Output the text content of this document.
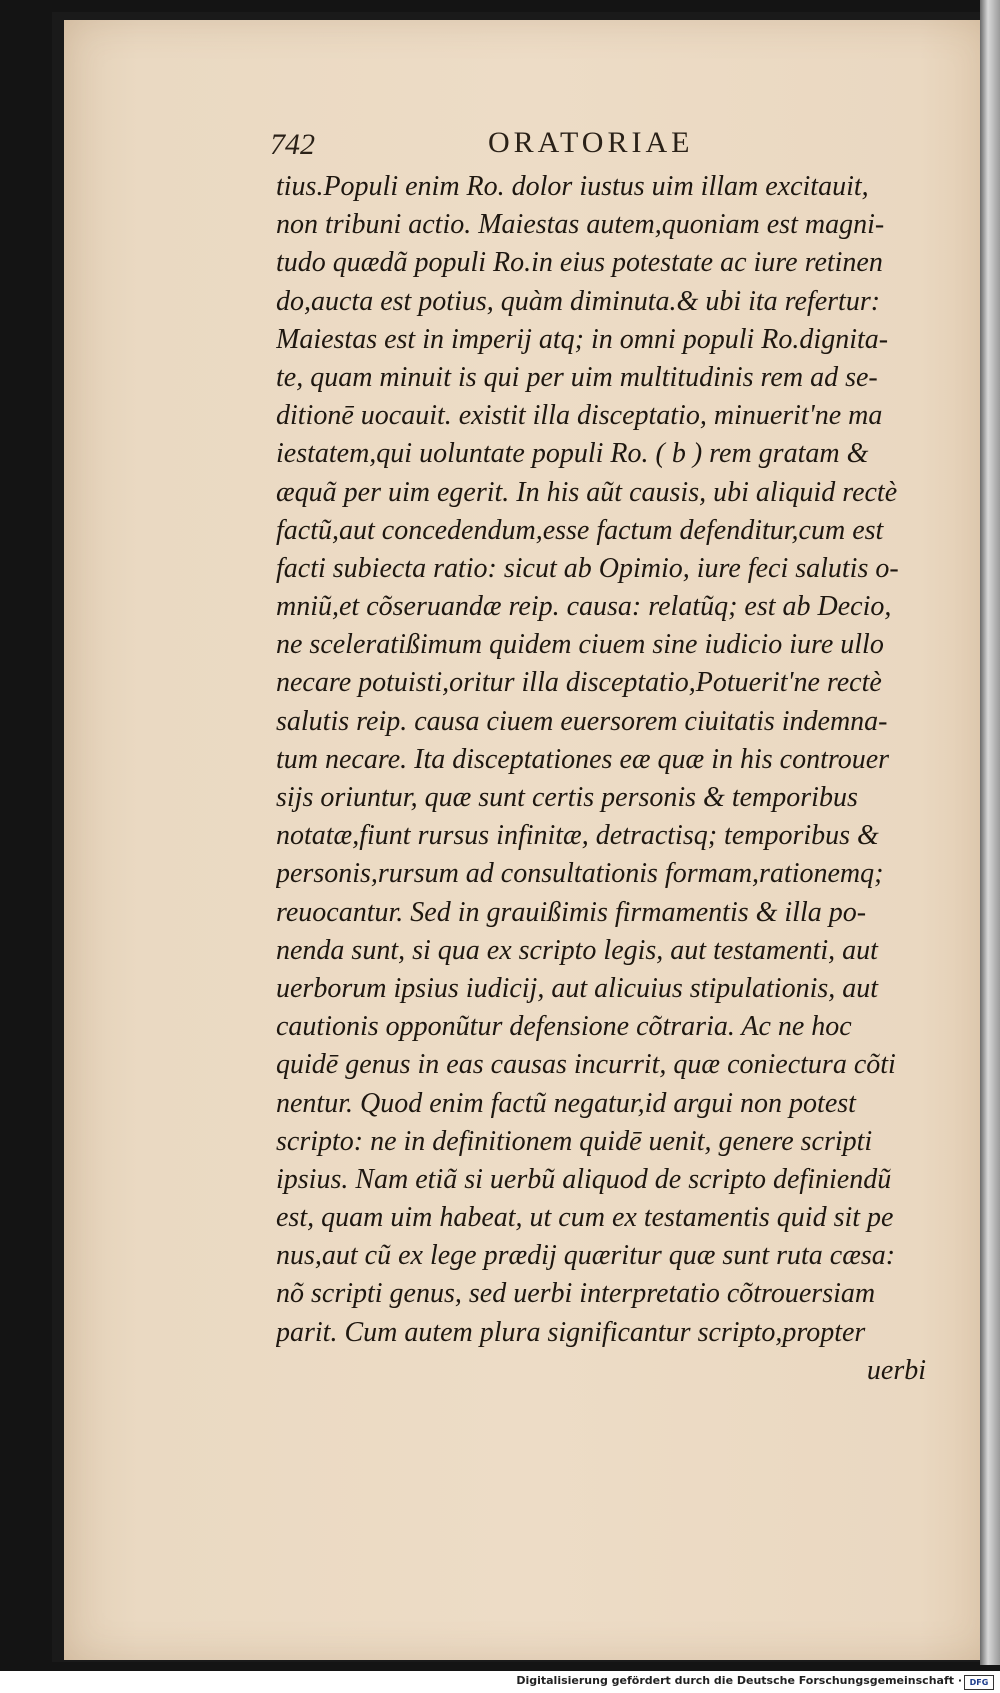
742	ORATORIAE
tius.Populi enim Ro. dolor iustus uim illam excitauit,
non tribuni actio. Maiestas autem,quoniam est magni-
tudo quædã populi Ro.in eius potestate ac iure retinen
do,aucta est potius, quàm diminuta.& ubi ita refertur:
Maiestas est in imperij atq; in omni populi Ro.dignita-
te, quam minuit is qui per uim multitudinis rem ad se-
ditionē uocauit. existit illa disceptatio, minuerit'ne ma
iestatem,qui uoluntate populi Ro. ( b ) rem gratam &
æquã per uim egerit. In his aũt causis, ubi aliquid rectè
factũ,aut concedendum,esse factum defenditur,cum est
facti subiecta ratio: sicut ab Opimio, iure feci salutis o-
mniũ,et cõseruandæ reip. causa: relatũq; est ab Decio,
ne sceleratißimum quidem ciuem sine iudicio iure ullo
necare potuisti,oritur illa disceptatio,Potuerit'ne rectè
salutis reip. causa ciuem euersorem ciuitatis indemna-
tum necare. Ita disceptationes eæ quæ in his controuer
sijs oriuntur, quæ sunt certis personis & temporibus
notatæ,fiunt rursus infinitæ, detractisq; temporibus &
personis,rursum ad consultationis formam,rationemq;
reuocantur. Sed in grauißimis firmamentis & illa po-
nenda sunt, si qua ex scripto legis, aut testamenti, aut
uerborum ipsius iudicij, aut alicuius stipulationis, aut
cautionis opponũtur defensione cõtraria. Ac ne hoc
quidē genus in eas causas incurrit, quæ coniectura cõti
nentur. Quod enim factũ negatur,id argui non potest
scripto: ne in definitionem quidē uenit, genere scripti
ipsius. Nam etiã si uerbũ aliquod de scripto definiendũ
est, quam uim habeat, ut cum ex testamentis quid sit pe
nus,aut cũ ex lege prædij quæritur quæ sunt ruta cæsa:
nõ scripti genus, sed uerbi interpretatio cõtrouersiam
parit. Cum autem plura significantur scripto,propter
uerbi
Digitalisierung gefördert durch die Deutsche Forschungsgemeinschaft · DFG
